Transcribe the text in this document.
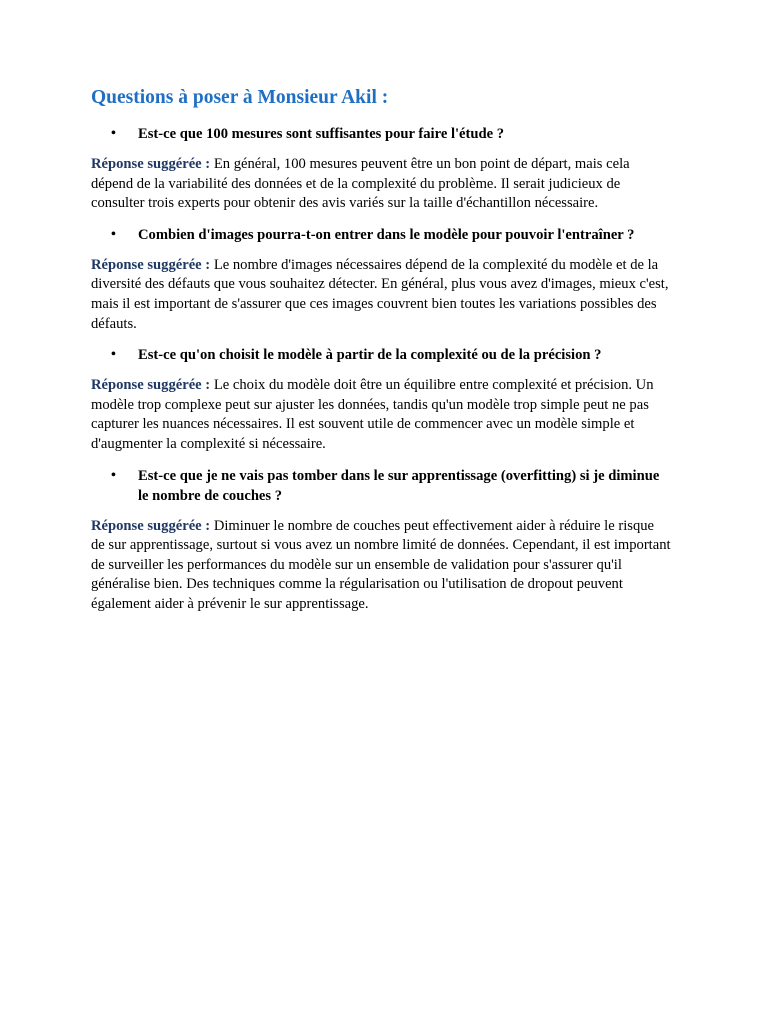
Questions à poser à Monsieur Akil :
• Est-ce que 100 mesures sont suffisantes pour faire l'étude ?

Réponse suggérée : En général, 100 mesures peuvent être un bon point de départ, mais cela dépend de la variabilité des données et de la complexité du problème. Il serait judicieux de consulter trois experts pour obtenir des avis variés sur la taille d'échantillon nécessaire.

• Combien d'images pourra-t-on entrer dans le modèle pour pouvoir l'entraîner ?

Réponse suggérée : Le nombre d'images nécessaires dépend de la complexité du modèle et de la diversité des défauts que vous souhaitez détecter. En général, plus vous avez d'images, mieux c'est, mais il est important de s'assurer que ces images couvrent bien toutes les variations possibles des défauts.

• Est-ce qu'on choisit le modèle à partir de la complexité ou de la précision ?

Réponse suggérée : Le choix du modèle doit être un équilibre entre complexité et précision. Un modèle trop complexe peut sur ajuster les données, tandis qu'un modèle trop simple peut ne pas capturer les nuances nécessaires. Il est souvent utile de commencer avec un modèle simple et d'augmenter la complexité si nécessaire.

• Est-ce que je ne vais pas tomber dans le sur apprentissage (overfitting) si je diminue le nombre de couches ?

Réponse suggérée : Diminuer le nombre de couches peut effectivement aider à réduire le risque de sur apprentissage, surtout si vous avez un nombre limité de données. Cependant, il est important de surveiller les performances du modèle sur un ensemble de validation pour s'assurer qu'il généralise bien. Des techniques comme la régularisation ou l'utilisation de dropout peuvent également aider à prévenir le sur apprentissage.
